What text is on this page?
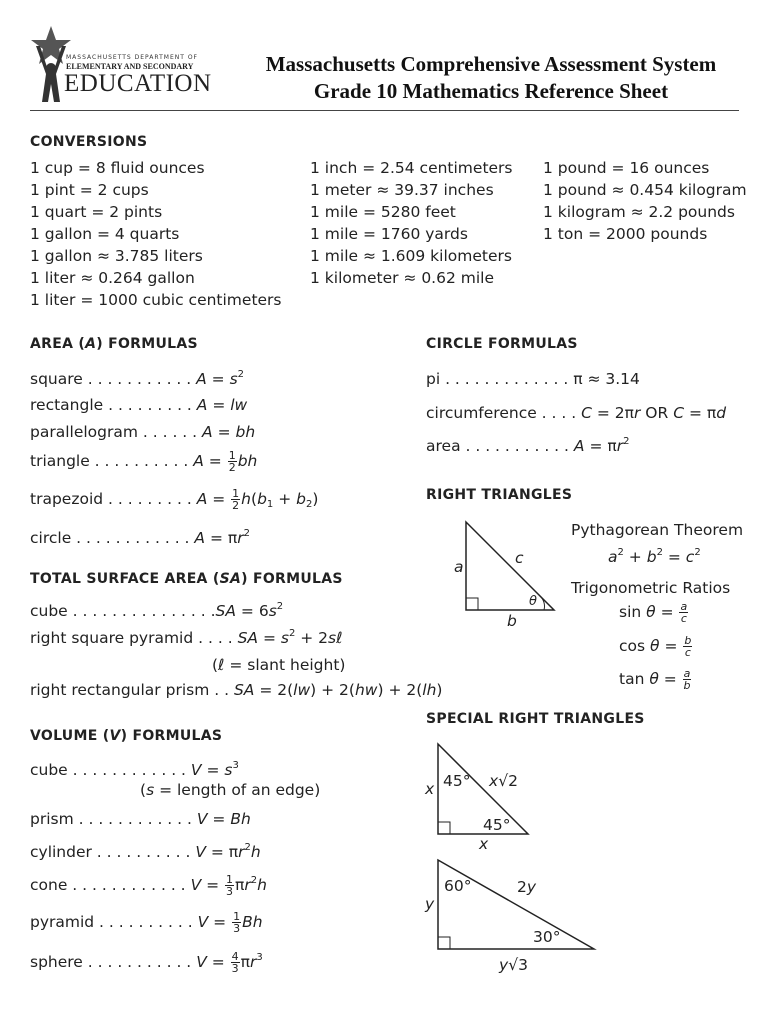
MASSACHUSETTS DEPARTMENT OF
ELEMENTARY AND SECONDARY
EDUCATION
Massachusetts Comprehensive Assessment System
Grade 10 Mathematics Reference Sheet
CONVERSIONS
1 cup = 8 fluid ounces
1 pint = 2 cups
1 quart = 2 pints
1 gallon = 4 quarts
1 gallon ≈ 3.785 liters
1 liter ≈ 0.264 gallon
1 liter = 1000 cubic centimeters
1 inch = 2.54 centimeters
1 meter ≈ 39.37 inches
1 mile = 5280 feet
1 mile = 1760 yards
1 mile ≈ 1.609 kilometers
1 kilometer ≈ 0.62 mile
1 pound = 16 ounces
1 pound ≈ 0.454 kilogram
1 kilogram ≈ 2.2 pounds
1 ton = 2000 pounds
AREA (A) FORMULAS
square . . . . . . . . . . . $A = s^2$
rectangle . . . . . . . . . A = lw
parallelogram . . . . . . A = bh
triangle . . . . . . . . . . $A = \frac{1}{2}$ bh
trapezoid . . . . . . . . . $A = \frac{1}{2} h(b_1 + b_2)$
circle . . . . . . . . . . . . $A = \pi r^2$
TOTAL SURFACE AREA (SA) FORMULAS
cube . . . . . . . . . . . . . . $.SA = 6s^2$
right square pyramid . . . . SA = $s^2$ + 2sℓ
(ℓ = slant height)
right rectangular prism . . SA = 2(lw) + 2(hw) + 2(lh)
VOLUME (V) FORMULAS
cube . . . . . . . . . . . . $V = s^3$
(s = length of an edge)
prism . . . . . . . . . . . . V = Bh
cylinder . . . . . . . . . . $V = \pi r^2h$
cone . . . . . . . . . . . . $V = \frac{1}{3} \pi r^2h$
pyramid . . . . . . . . . . $V = \frac{1}{3}$ Bh
sphere . . . . . . . . . . . $V = \frac{4}{3} \pi r^3$
CIRCLE FORMULAS
pi . . . . . . . . . . . . . π ≈ 3.14
circumference . . . . C = 2πr OR C = πd
area . . . . . . . . . . . $A = \pi r^2$
RIGHT TRIANGLES
a	c
b
θ
Pythagorean Theorem
$a^2 + b^2 = c^2$
Trigonometric Ratios
$\sin \theta = \frac{a}{c}$
$\cos \theta = \frac{b}{c}$
$\tan \theta = \frac{a}{b}$
SPECIAL RIGHT TRIANGLES
x 45° x√2
45°
x
y
60°	2y
30°
y√3
